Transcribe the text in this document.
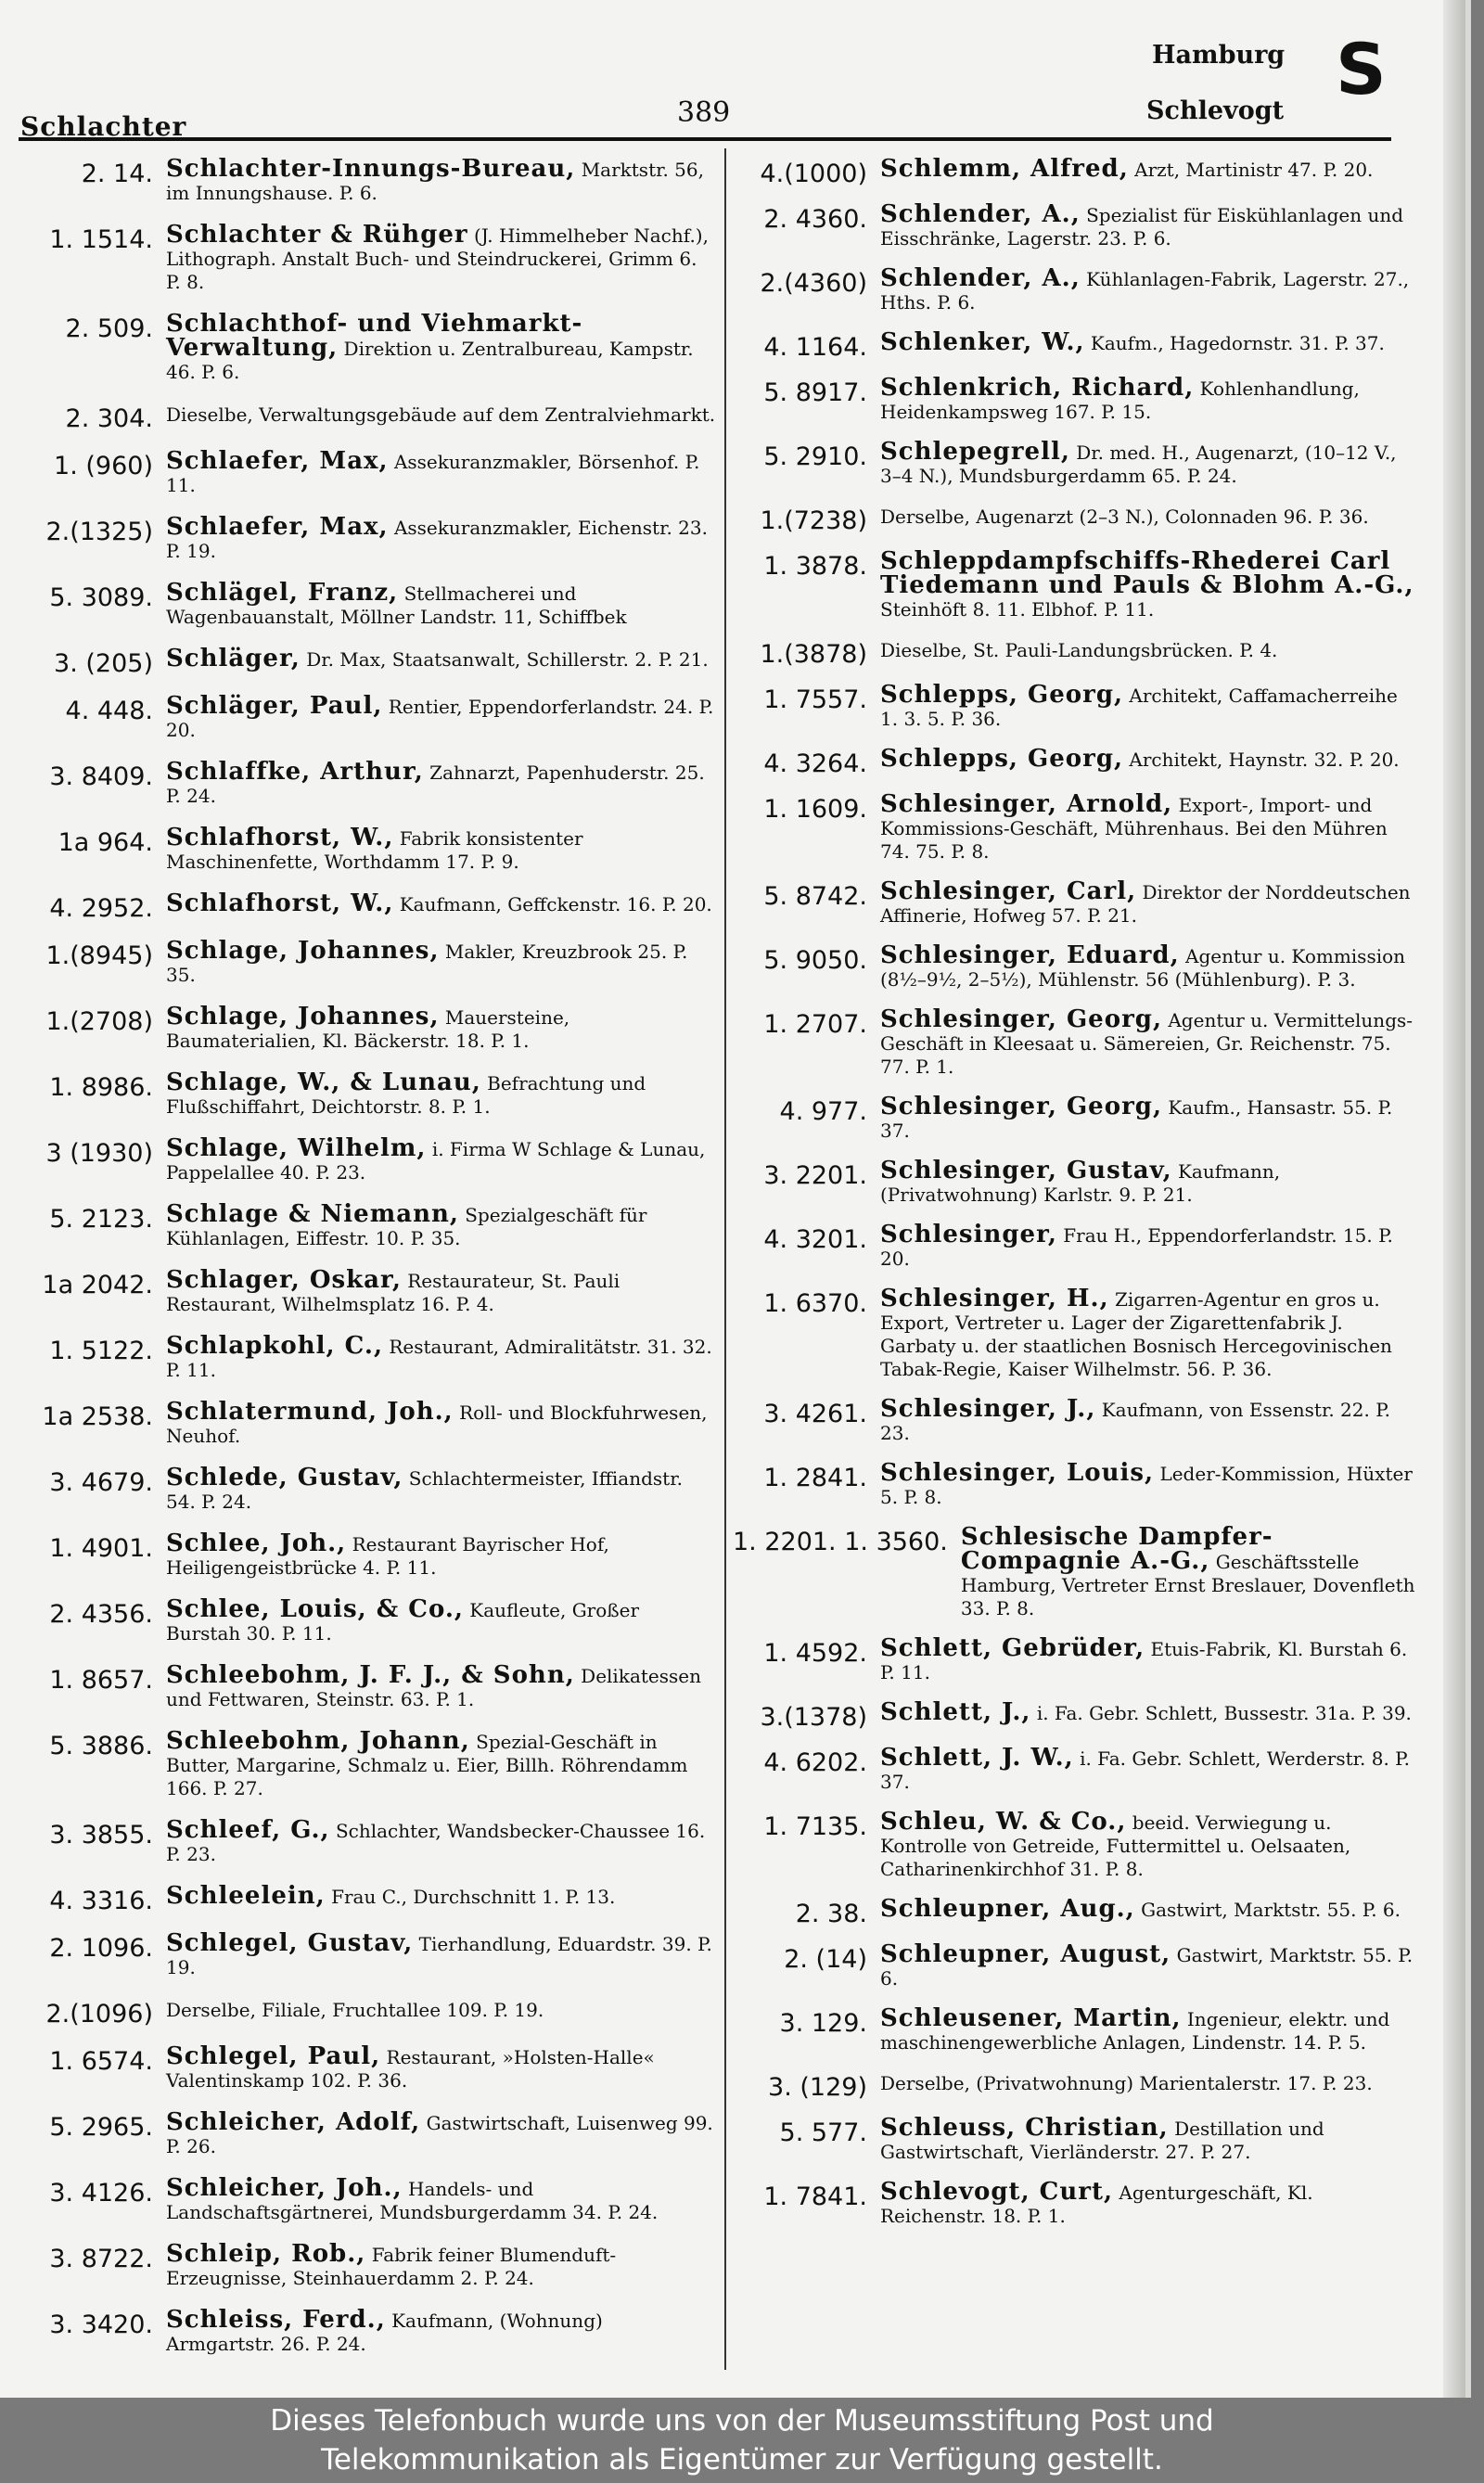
Schlachter	389
Hamburg
Schlevogt
S
2. 14. Schlachter-Innungs-Bureau, Marktstr. 56, im Innungshause. P. 6.
1. 1514. Schlachter & Rühger (J. Himmelheber Nachf.), Lithograph. Anstalt Buch- und Steindruckerei, Grimm 6. P. 8.
2. 509. Schlachthof- und Viehmarkt-Verwaltung, Direktion u. Zentralbureau, Kampstr. 46. P. 6.
2. 304. Dieselbe, Verwaltungsgebäude auf dem Zentralviehmarkt.
1. (960) Schlaefer, Max, Assekuranzmakler, Börsenhof. P. 11.
2.(1325) Schlaefer, Max, Assekuranzmakler, Eichenstr. 23. P. 19.
5. 3089. Schlägel, Franz, Stellmacherei und Wagenbauanstalt, Möllner Landstr. 11, Schiffbek
3. (205) Schläger, Dr. Max, Staatsanwalt, Schillerstr. 2. P. 21.
4. 448. Schläger, Paul, Rentier, Eppendorferlandstr. 24. P. 20.
3. 8409. Schlaffke, Arthur, Zahnarzt, Papenhuderstr. 25. P. 24.
1a 964. Schlafhorst, W., Fabrik konsistenter Maschinenfette, Worthdamm 17. P. 9.
4. 2952. Schlafhorst, W., Kaufmann, Geffckenstr. 16. P. 20.
1.(8945) Schlage, Johannes, Makler, Kreuzbrook 25. P. 35.
1.(2708) Schlage, Johannes, Mauersteine, Baumaterialien, Kl. Bäckerstr. 18. P. 1.
1. 8986. Schlage, W., & Lunau, Befrachtung und Flußschiffahrt, Deichtorstr. 8. P. 1.
3 (1930) Schlage, Wilhelm, i. Firma W Schlage & Lunau, Pappelallee 40. P. 23.
5. 2123. Schlage & Niemann, Spezialgeschäft für Kühlanlagen, Eiffestr. 10. P. 35.
1a 2042. Schlager, Oskar, Restaurateur, St. Pauli Restaurant, Wilhelmsplatz 16. P. 4.
1. 5122. Schlapkohl, C., Restaurant, Admiralitätstr. 31. 32. P. 11.
1a 2538. Schlatermund, Joh., Roll- und Blockfuhrwesen, Neuhof.
3. 4679. Schlede, Gustav, Schlachtermeister, Iffiandstr. 54. P. 24.
1. 4901. Schlee, Joh., Restaurant Bayrischer Hof, Heiligengeistbrücke 4. P. 11.
2. 4356. Schlee, Louis, & Co., Kaufleute, Großer Burstah 30. P. 11.
1. 8657. Schleebohm, J. F. J., & Sohn, Delikatessen und Fettwaren, Steinstr. 63. P. 1.
5. 3886. Schleebohm, Johann, Spezial-Geschäft in Butter, Margarine, Schmalz u. Eier, Billh. Röhrendamm 166. P. 27.
3. 3855. Schleef, G., Schlachter, Wandsbecker-Chaussee 16. P. 23.
4. 3316. Schleelein, Frau C., Durchschnitt 1. P. 13.
2. 1096. Schlegel, Gustav, Tierhandlung, Eduardstr. 39. P. 19.
2.(1096) Derselbe, Filiale, Fruchtallee 109. P. 19.
1. 6574. Schlegel, Paul, Restaurant, »Holsten-Halle« Valentinskamp 102. P. 36.
5. 2965. Schleicher, Adolf, Gastwirtschaft, Luisenweg 99. P. 26.
3. 4126. Schleicher, Joh., Handels- und Landschaftsgärtnerei, Mundsburgerdamm 34. P. 24.
3. 8722. Schleip, Rob., Fabrik feiner Blumenduft-Erzeugnisse, Steinhauerdamm 2. P. 24.
3. 3420. Schleiss, Ferd., Kaufmann, (Wohnung) Armgartstr. 26. P. 24.
4.(1000) Schlemm, Alfred, Arzt, Martinistr 47. P. 20.
2. 4360. Schlender, A., Spezialist für Eiskühlanlagen und Eisschränke, Lagerstr. 23. P. 6.
2.(4360) Schlender, A., Kühlanlagen-Fabrik, Lagerstr. 27., Hths. P. 6.
4. 1164. Schlenker, W., Kaufm., Hagedornstr. 31. P. 37.
5. 8917. Schlenkrich, Richard, Kohlenhandlung, Heidenkampsweg 167. P. 15.
5. 2910. Schlepegrell, Dr. med. H., Augenarzt, (10–12 V., 3–4 N.), Mundsburgerdamm 65. P. 24.
1.(7238) Derselbe, Augenarzt (2–3 N.), Colonnaden 96. P. 36.
1. 3878. Schleppdampfschiffs-Rhederei Carl Tiedemann und Pauls & Blohm A.-G., Steinhöft 8. 11. Elbhof. P. 11.
1.(3878) Dieselbe, St. Pauli-Landungsbrücken. P. 4.
1. 7557. Schlepps, Georg, Architekt, Caffamacherreihe 1. 3. 5. P. 36.
4. 3264. Schlepps, Georg, Architekt, Haynstr. 32. P. 20.
1. 1609. Schlesinger, Arnold, Export-, Import- und Kommissions-Geschäft, Mührenhaus. Bei den Mühren 74. 75. P. 8.
5. 8742. Schlesinger, Carl, Direktor der Norddeutschen Affinerie, Hofweg 57. P. 21.
5. 9050. Schlesinger, Eduard, Agentur u. Kommission (8½–9½, 2–5½), Mühlenstr. 56 (Mühlenburg). P. 3.
1. 2707. Schlesinger, Georg, Agentur u. Vermittelungs-Geschäft in Kleesaat u. Sämereien, Gr. Reichenstr. 75. 77. P. 1.
4. 977. Schlesinger, Georg, Kaufm., Hansastr. 55. P. 37.
3. 2201. Schlesinger, Gustav, Kaufmann, (Privatwohnung) Karlstr. 9. P. 21.
4. 3201. Schlesinger, Frau H., Eppendorferlandstr. 15. P. 20.
1. 6370. Schlesinger, H., Zigarren-Agentur en gros u. Export, Vertreter u. Lager der Zigarettenfabrik J. Garbaty u. der staatlichen Bosnisch Hercegovinischen Tabak-Regie, Kaiser Wilhelmstr. 56. P. 36.
3. 4261. Schlesinger, J., Kaufmann, von Essenstr. 22. P. 23.
1. 2841. Schlesinger, Louis, Leder-Kommission, Hüxter 5. P. 8.
1. 2201. 1. 3560. Schlesische Dampfer-Compagnie A.-G., Geschäftsstelle Hamburg, Vertreter Ernst Breslauer, Dovenfleth 33. P. 8.
1. 4592. Schlett, Gebrüder, Etuis-Fabrik, Kl. Burstah 6. P. 11.
3.(1378) Schlett, J., i. Fa. Gebr. Schlett, Bussestr. 31a. P. 39.
4. 6202. Schlett, J. W., i. Fa. Gebr. Schlett, Werderstr. 8. P. 37.
1. 7135. Schleu, W. & Co., beeid. Verwiegung u. Kontrolle von Getreide, Futtermittel u. Oelsaaten, Catharinenkirchhof 31. P. 8.
2. 38. Schleupner, Aug., Gastwirt, Marktstr. 55. P. 6.
2. (14) Schleupner, August, Gastwirt, Marktstr. 55. P. 6.
3. 129. Schleusener, Martin, Ingenieur, elektr. und maschinengewerbliche Anlagen, Lindenstr. 14. P. 5.
3. (129) Derselbe, (Privatwohnung) Marientalerstr. 17. P. 23.
5. 577. Schleuss, Christian, Destillation und Gastwirtschaft, Vierländerstr. 27. P. 27.
1. 7841. Schlevogt, Curt, Agenturgeschäft, Kl. Reichenstr. 18. P. 1.
Dieses Telefonbuch wurde uns von der Museumsstiftung Post und
Telekommunikation als Eigentümer zur Verfügung gestellt.
